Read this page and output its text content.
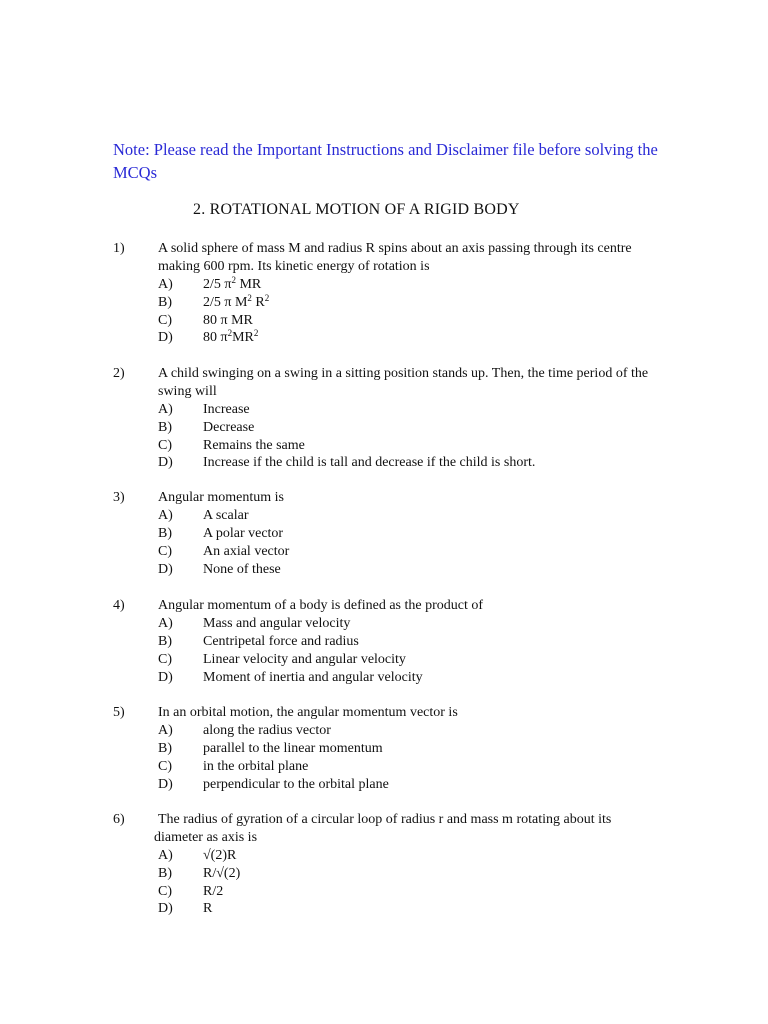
Note: Please read the Important Instructions and Disclaimer file before solving the MCQs

2. ROTATIONAL MOTION OF A RIGID BODY
1) A solid sphere of mass M and radius R spins about an axis passing through its centre making 600 rpm. Its kinetic energy of rotation is
A) 2/5 $\pi^2$ MR
B) 2/5 π $M^2$ $R^2$
C) 80 π MR
D) 80 $\pi^2MR^2$
2) A child swinging on a swing in a sitting position stands up. Then, the time period of the swing will
A) Increase
B) Decrease
C) Remains the same
D) Increase if the child is tall and decrease if the child is short.
3) Angular momentum is
A) A scalar
B) A polar vector
C) An axial vector
D) None of these
4) Angular momentum of a body is defined as the product of
A) Mass and angular velocity
B) Centripetal force and radius
C) Linear velocity and angular velocity
D) Moment of inertia and angular velocity
5) In an orbital motion, the angular momentum vector is
A) along the radius vector
B) parallel to the linear momentum
C) in the orbital plane
D) perpendicular to the orbital plane
6) The radius of gyration of a circular loop of radius r and mass m rotating about its diameter as axis is
A) √(2)R
B) R/√(2)
C) R/2
D) R
